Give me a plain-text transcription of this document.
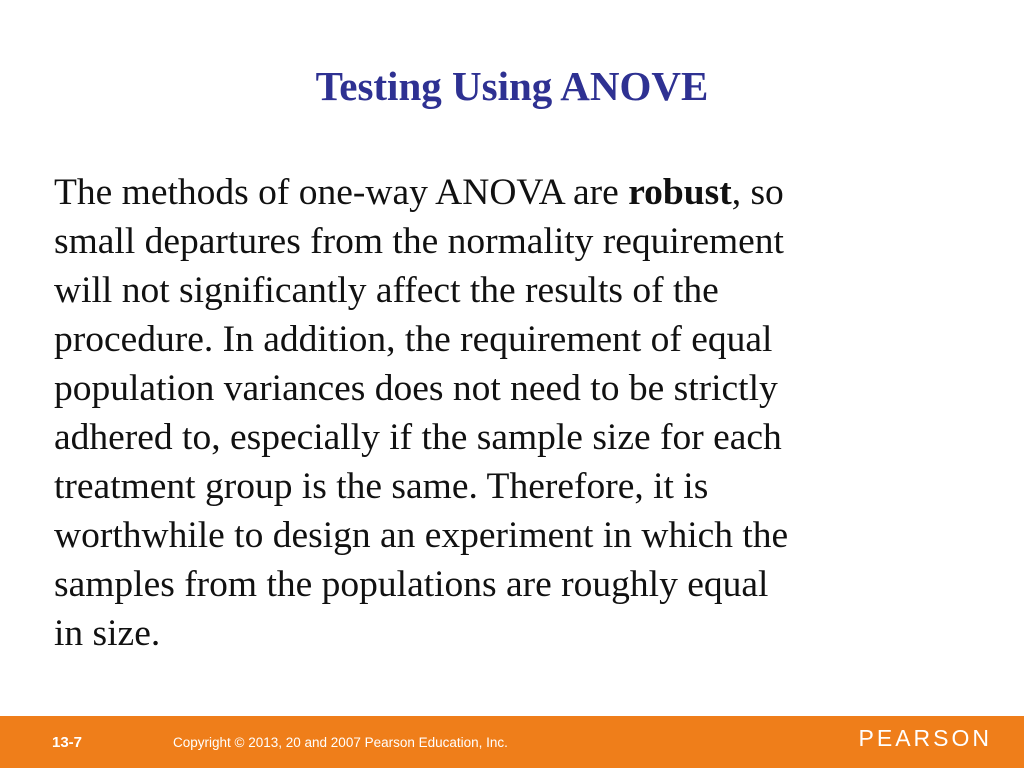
Testing Using ANOVE
The methods of one-way ANOVA are robust, so
small departures from the normality requirement
will not significantly affect the results of the
procedure. In addition, the requirement of equal
population variances does not need to be strictly
adhered to, especially if the sample size for each
treatment group is the same. Therefore, it is
worthwhile to design an experiment in which the
samples from the populations are roughly equal
in size.
13-7	Copyright © 2013, 20 and 2007 Pearson Education, Inc.	PEARSON
